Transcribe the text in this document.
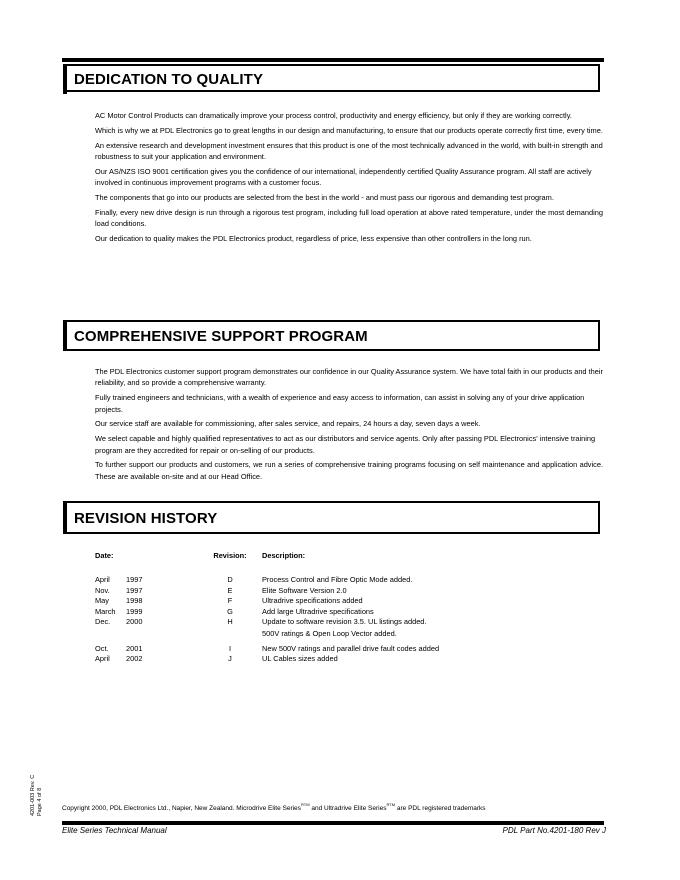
DEDICATION TO QUALITY

AC Motor Control Products can dramatically improve your process control, productivity and energy efficiency, but only if they are working correctly.

Which is why we at PDL Electronics go to great lengths in our design and manufacturing, to ensure that our products operate correctly first time, every time.

An extensive research and development investment ensures that this product is one of the most technically advanced in the world, with built-in strength and robustness to suit your application and environment.

Our AS/NZS ISO 9001 certification gives you the confidence of our international, independently certified Quality Assurance program. All staff are actively involved in continuous improvement programs with a customer focus.

The components that go into our products are selected from the best in the world - and must pass our rigorous and demanding test program.

Finally, every new drive design is run through a rigorous test program, including full load operation at above rated temperature, under the most demanding load conditions.

Our dedication to quality makes the PDL Electronics product, regardless of price, less expensive than other controllers in the long run.

COMPREHENSIVE SUPPORT PROGRAM

The PDL Electronics customer support program demonstrates our confidence in our Quality Assurance system. We have total faith in our products and their reliability, and so provide a comprehensive warranty.

Fully trained engineers and technicians, with a wealth of experience and easy access to information, can assist in solving any of your drive application projects.

Our service staff are available for commissioning, after sales service, and repairs, 24 hours a day, seven days a week.

We select capable and highly qualified representatives to act as our distributors and service agents. Only after passing PDL Electronics' intensive training program are they accredited for repair or on-selling of our products.

To further support our products and customers, we run a series of comprehensive training programs focusing on self maintenance and application advice. These are available on-site and at our Head Office.

REVISION HISTORY
Date:		Revision:	Description:
April	1997	D	Process Control and Fibre Optic Mode added.
Nov.	1997	E	Elite Software Version 2.0
May	1998	F	Ultradrive specifications added
March	1999	G	Add large Ultradrive specifications
Dec.	2000	H	Update to software revision 3.5. UL listings added.
			500V ratings & Open Loop Vector added.
Oct.	2001	I	New 500V ratings and parallel drive fault codes added
April	2002	J	UL Cables sizes added
4201-003 Rev. C Page 4 of 8	Copyright 2000, PDL Electronics Ltd., Napier, New Zealand. Microdrive Elite Series$^{RTM}$ and Ultradrive Elite Series$^{RTM}$ are PDL registered trademarks
Elite Series Technical Manual	PDL Part No.4201-180 Rev J
